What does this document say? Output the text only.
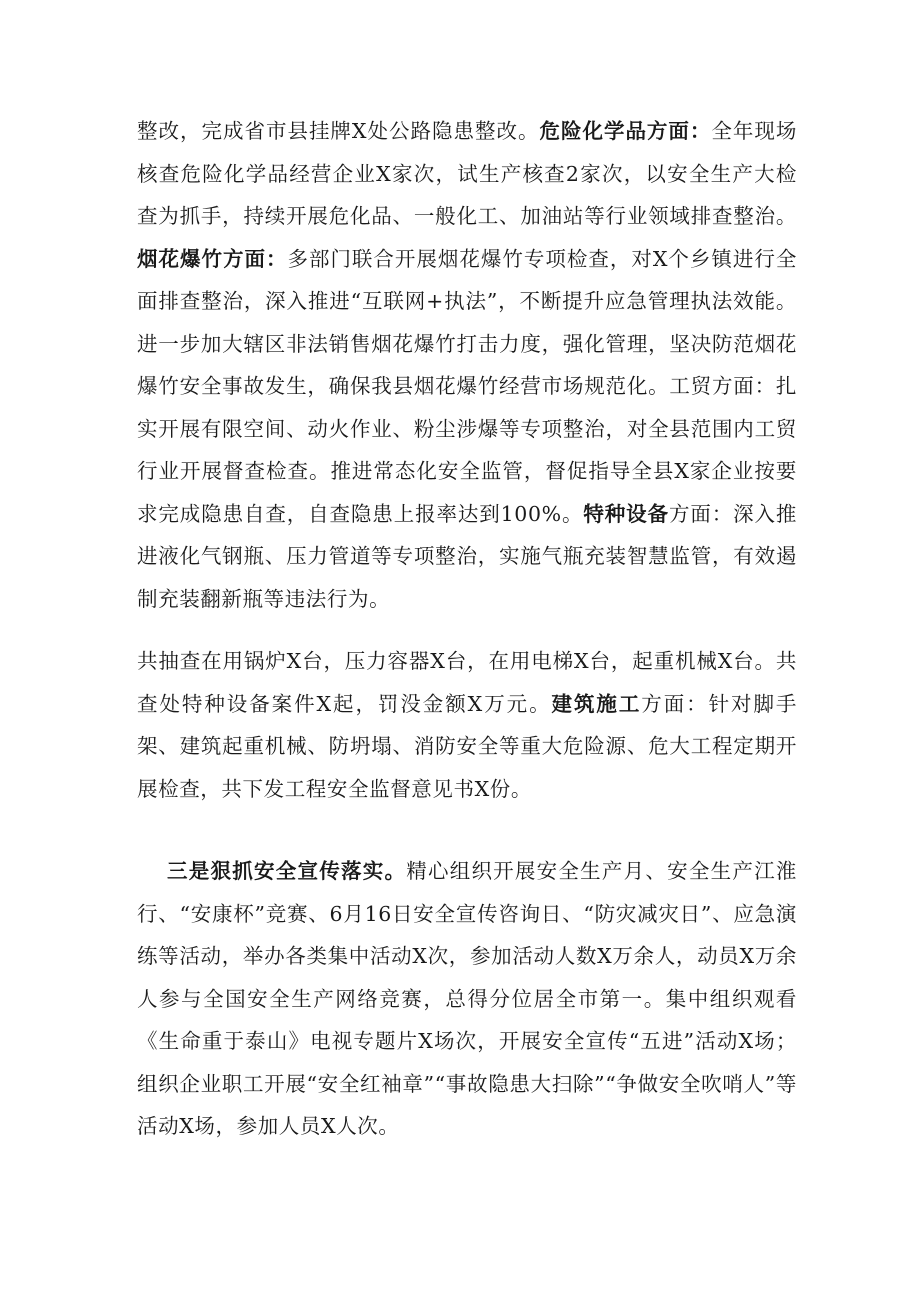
整改，完成省市县挂牌X处公路隐患整改。危险化学品方面：全年现场核查危险化学品经营企业X家次，试生产核查2家次，以安全生产大检查为抓手，持续开展危化品、一般化工、加油站等行业领域排查整治。烟花爆竹方面：多部门联合开展烟花爆竹专项检查，对X个乡镇进行全面排查整治，深入推进“互联网+执法”，不断提升应急管理执法效能。进一步加大辖区非法销售烟花爆竹打击力度，强化管理，坚决防范烟花爆竹安全事故发生，确保我县烟花爆竹经营市场规范化。工贸方面：扎实开展有限空间、动火作业、粉尘涉爆等专项整治，对全县范围内工贸行业开展督查检查。推进常态化安全监管，督促指导全县X家企业按要求完成隐患自查，自查隐患上报率达到100%。特种设备方面：深入推进液化气钢瓶、压力管道等专项整治，实施气瓶充装智慧监管，有效遏制充装翻新瓶等违法行为。

共抽查在用锅炉X台，压力容器X台，在用电梯X台，起重机械X台。共查处特种设备案件X起，罚没金额X万元。建筑施工方面：针对脚手架、建筑起重机械、防坍塌、消防安全等重大危险源、危大工程定期开展检查，共下发工程安全监督意见书X份。

三是狠抓安全宣传落实。精心组织开展安全生产月、安全生产江淮行、“安康杯”竞赛、6月16日安全宣传咨询日、“防灾减灾日”、应急演练等活动，举办各类集中活动X次，参加活动人数X万余人，动员X万余人参与全国安全生产网络竞赛，总得分位居全市第一。集中组织观看《生命重于泰山》电视专题片X场次，开展安全宣传“五进”活动X场；组织企业职工开展“安全红袖章”“事故隐患大扫除”“争做安全吹哨人”等活动X场，参加人员X人次。
